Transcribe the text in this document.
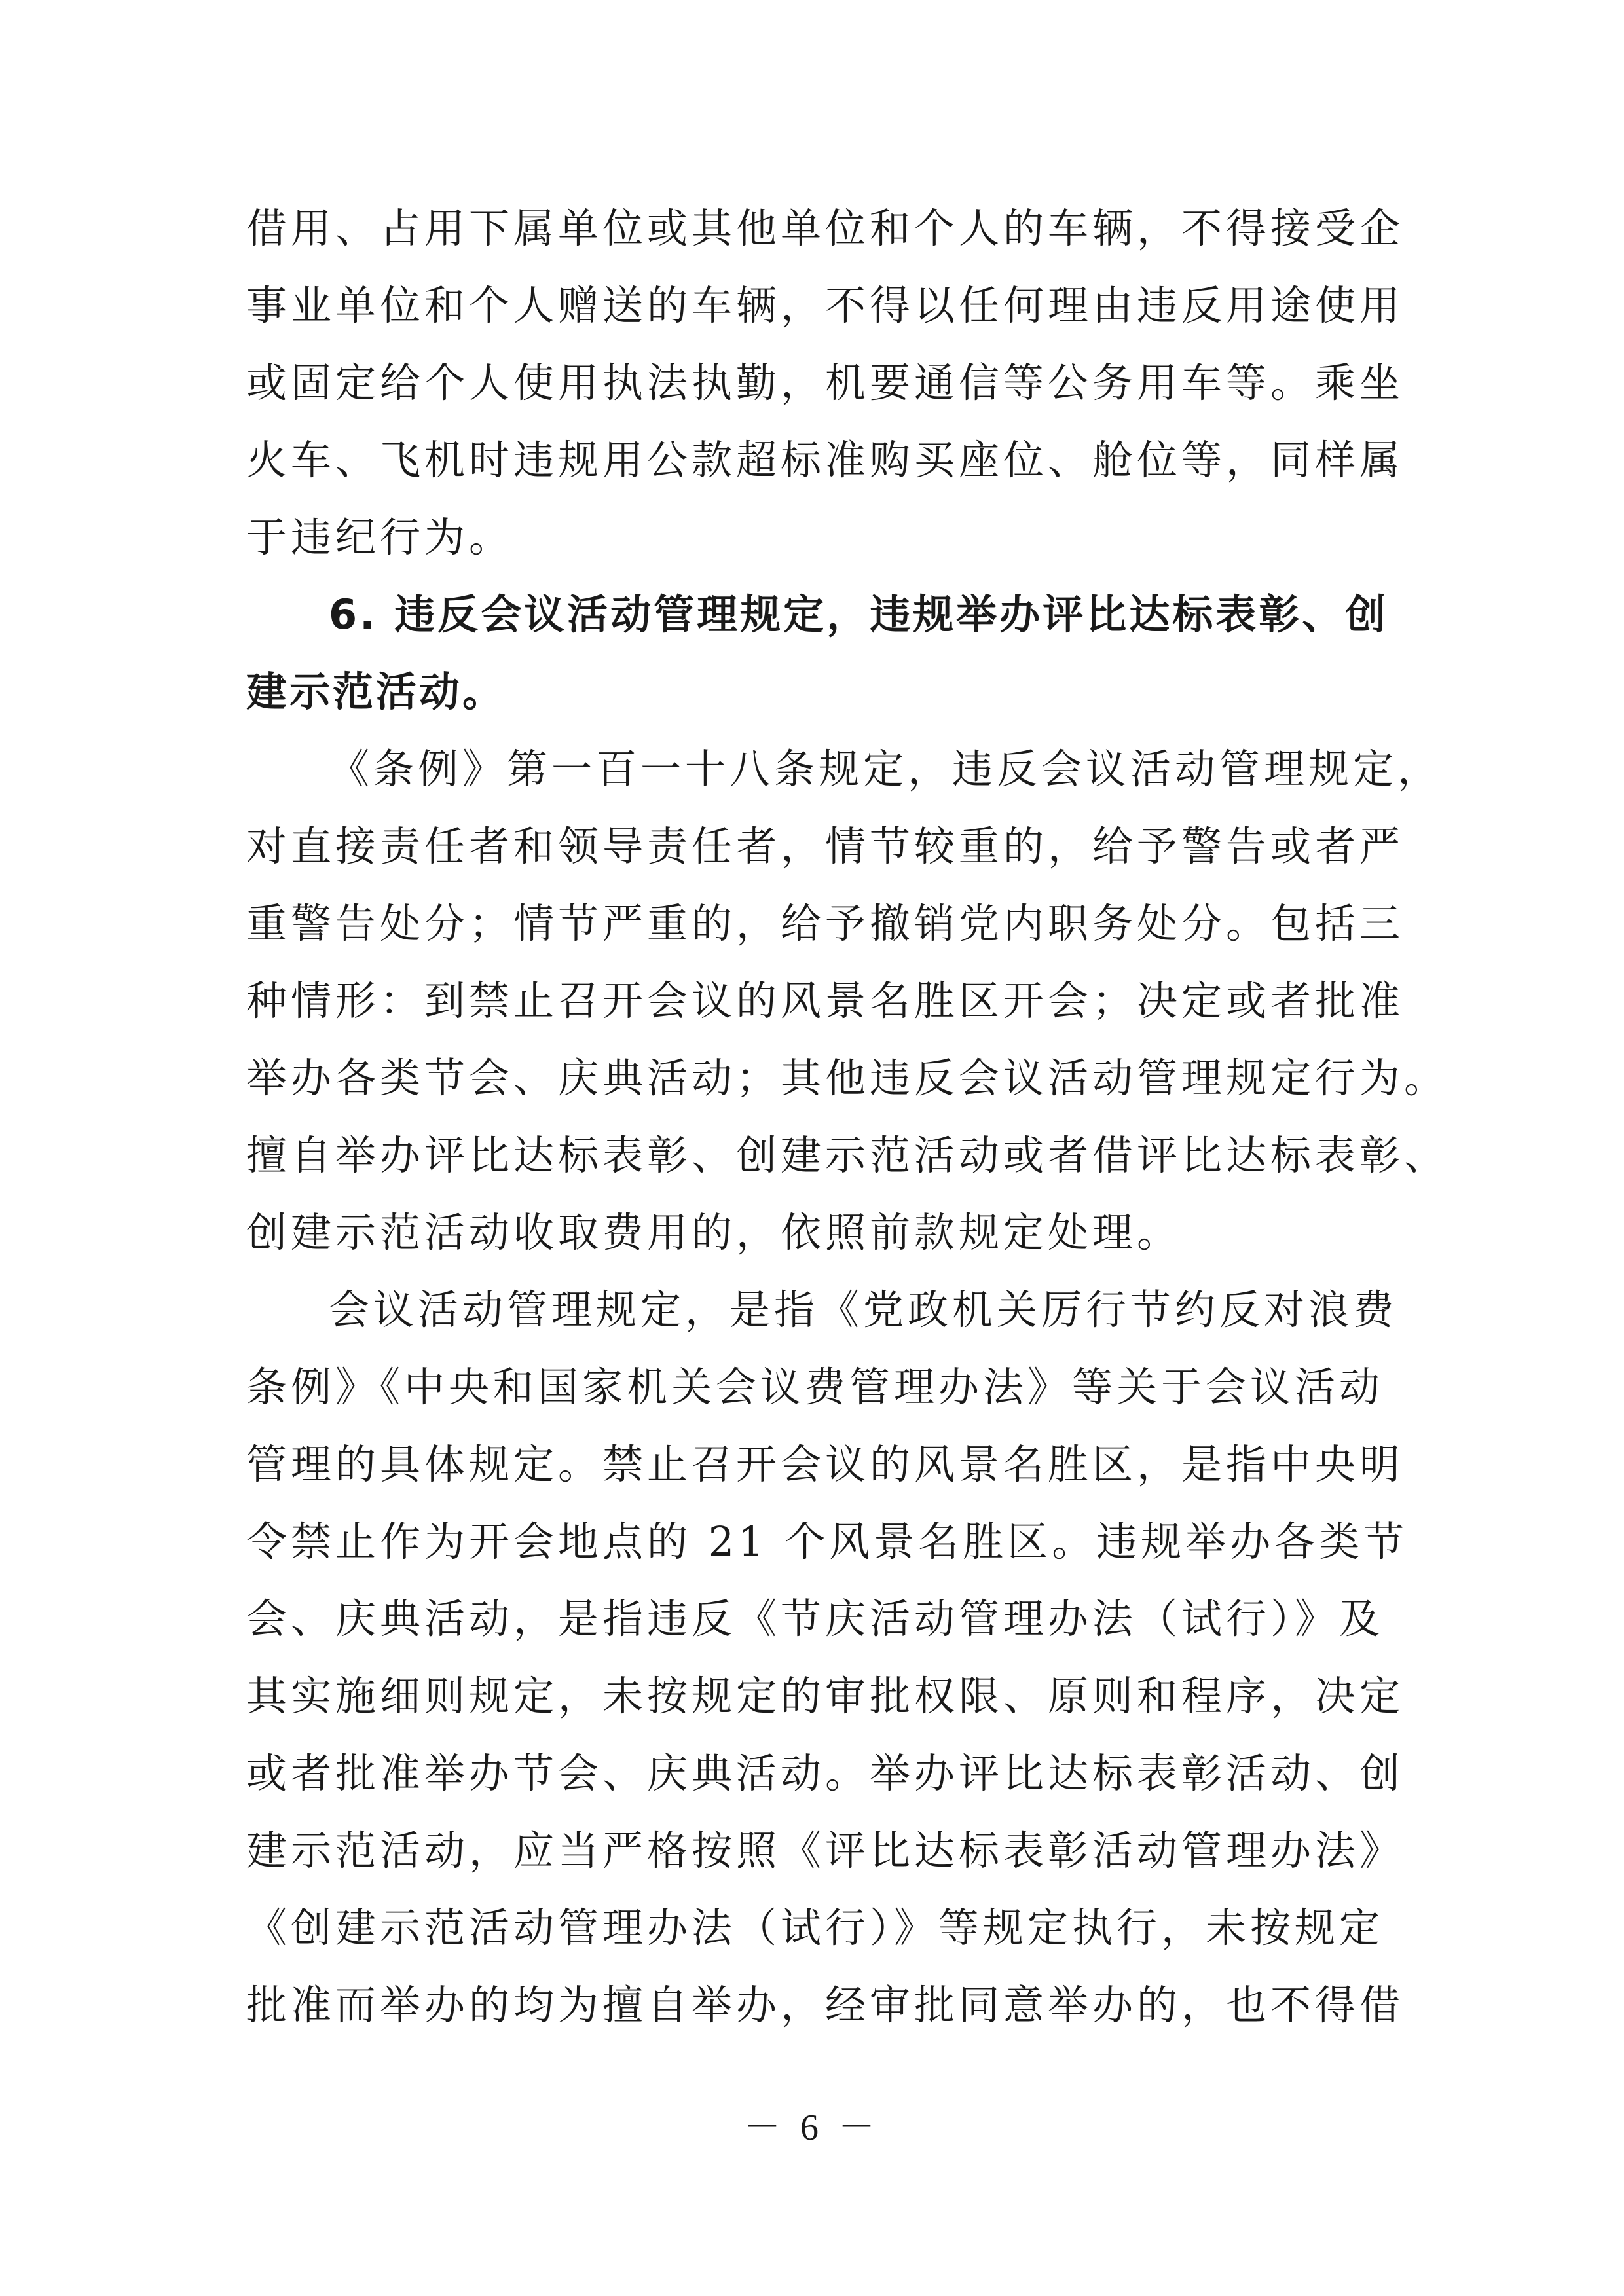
借用、占用下属单位或其他单位和个人的车辆，不得接受企
事业单位和个人赠送的车辆，不得以任何理由违反用途使用
或固定给个人使用执法执勤，机要通信等公务用车等。乘坐
火车、飞机时违规用公款超标准购买座位、舱位等，同样属
于违纪行为。
6. 违反会议活动管理规定，违规举办评比达标表彰、创
建示范活动。
《条例》第一百一十八条规定，违反会议活动管理规定，
对直接责任者和领导责任者，情节较重的，给予警告或者严
重警告处分；情节严重的，给予撤销党内职务处分。包括三
种情形：到禁止召开会议的风景名胜区开会；决定或者批准
举办各类节会、庆典活动；其他违反会议活动管理规定行为。
擅自举办评比达标表彰、创建示范活动或者借评比达标表彰、
创建示范活动收取费用的，依照前款规定处理。
会议活动管理规定，是指《党政机关厉行节约反对浪费
条例》《中央和国家机关会议费管理办法》等关于会议活动
管理的具体规定。禁止召开会议的风景名胜区，是指中央明
令禁止作为开会地点的 21 个风景名胜区。违规举办各类节
会、庆典活动，是指违反《节庆活动管理办法（试行）》及
其实施细则规定，未按规定的审批权限、原则和程序，决定
或者批准举办节会、庆典活动。举办评比达标表彰活动、创
建示范活动，应当严格按照《评比达标表彰活动管理办法》
《创建示范活动管理办法（试行）》等规定执行，未按规定
批准而举办的均为擅自举办，经审批同意举办的，也不得借
－ 6 －
